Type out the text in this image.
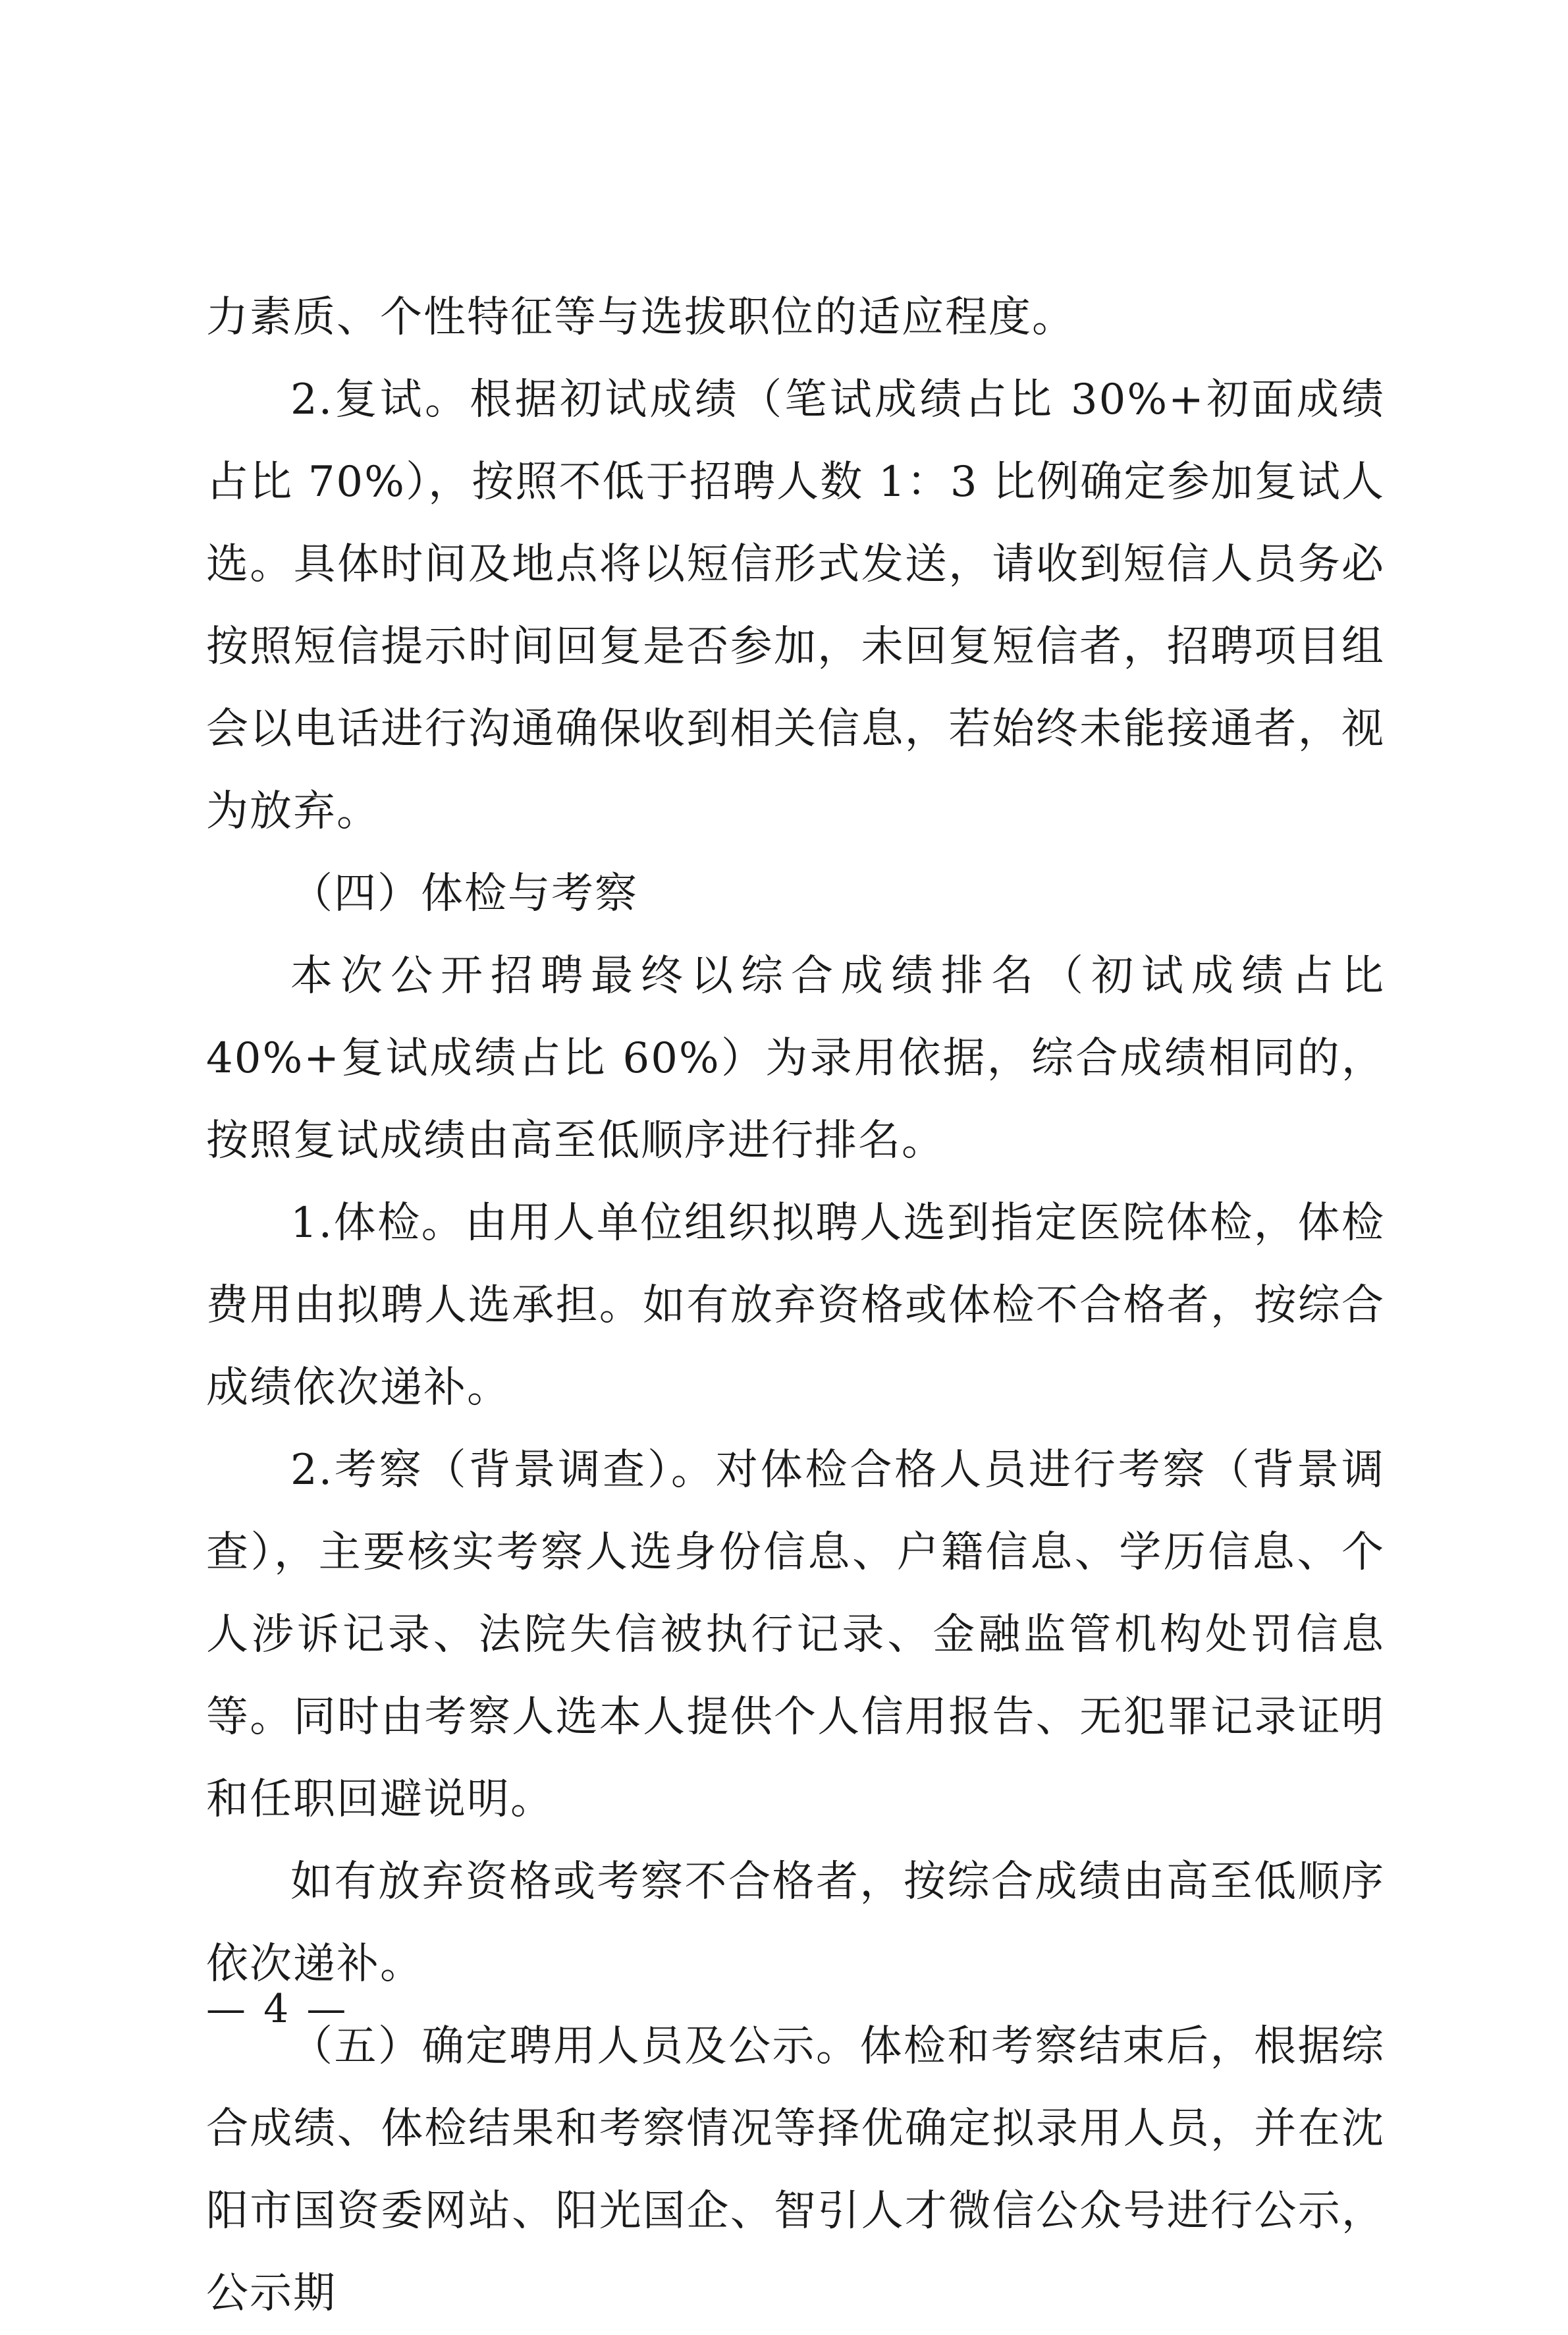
力素质、个性特征等与选拔职位的适应程度。

2.复试。根据初试成绩（笔试成绩占比 30%+初面成绩占比 70%），按照不低于招聘人数 1：3 比例确定参加复试人选。具体时间及地点将以短信形式发送，请收到短信人员务必按照短信提示时间回复是否参加，未回复短信者，招聘项目组会以电话进行沟通确保收到相关信息，若始终未能接通者，视为放弃。

（四）体检与考察

本次公开招聘最终以综合成绩排名（初试成绩占比 40%+复试成绩占比 60%）为录用依据，综合成绩相同的，按照复试成绩由高至低顺序进行排名。

1.体检。由用人单位组织拟聘人选到指定医院体检，体检费用由拟聘人选承担。如有放弃资格或体检不合格者，按综合成绩依次递补。

2.考察（背景调查）。对体检合格人员进行考察（背景调查），主要核实考察人选身份信息、户籍信息、学历信息、个人涉诉记录、法院失信被执行记录、金融监管机构处罚信息等。同时由考察人选本人提供个人信用报告、无犯罪记录证明和任职回避说明。

如有放弃资格或考察不合格者，按综合成绩由高至低顺序依次递补。

（五）确定聘用人员及公示。体检和考察结束后，根据综合成绩、体检结果和考察情况等择优确定拟录用人员，并在沈阳市国资委网站、阳光国企、智引人才微信公众号进行公示，公示期

— 4 —
